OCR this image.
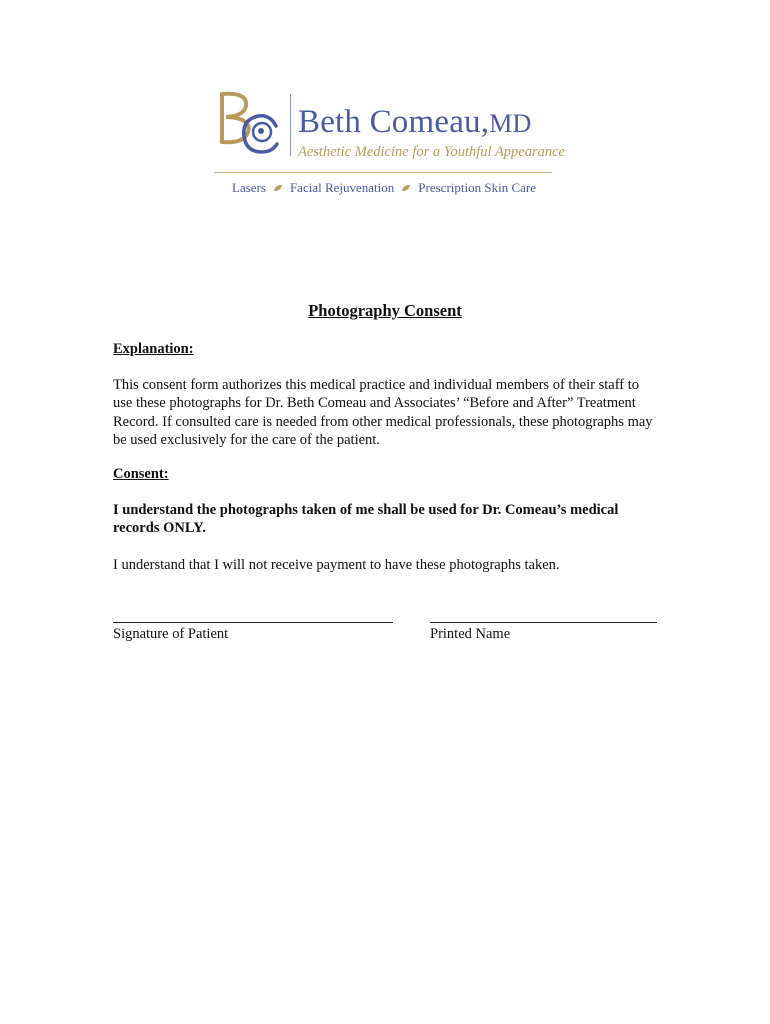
Beth Comeau,MD
Aesthetic Medicine for a Youthful Appearance
Lasers Facial Rejuvenation Prescription Skin Care
Photography Consent
Explanation:
This consent form authorizes this medical practice and individual members of their staff to use these photographs for Dr. Beth Comeau and Associates’ “Before and After” Treatment Record. If consulted care is needed from other medical professionals, these photographs may be used exclusively for the care of the patient.
Consent:
I understand the photographs taken of me shall be used for Dr. Comeau’s medical records ONLY.
I understand that I will not receive payment to have these photographs taken.
Signature of Patient	Printed Name
